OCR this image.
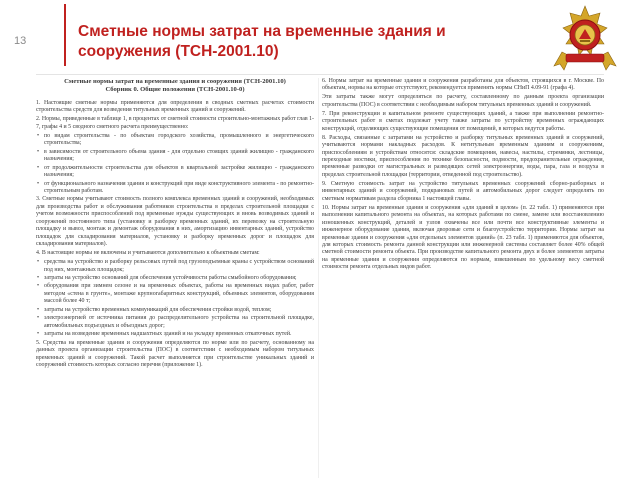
13
Сметные нормы затрат на временные здания и
сооружения (ТСН-2001.10)
Сметные нормы затрат на временные здания и сооружения (ТСН-2001.10)
Сборник 0. Общие положения (ТСН-2001.10-0)
1. Настоящие сметные нормы применяются для определения в сводных сметных расчетах стоимости строительства средств для возведения титульных временных зданий и сооружений.
2. Нормы, приведенные в таблице 1, в процентах от сметной стоимости строительно-монтажных работ глав 1-7, графы 4 и 5 сводного сметного расчета преимущественно:
• по видам строительства - по объектам городского хозяйства, промышленного и энергетического строительства;
• в зависимости от строительного объема здания - для отдельно стоящих зданий жилищно - гражданского назначения;
• от продолжительности строительства для объектов в квартальной застройке жилищно - гражданского назначения;
• от функционального назначения здания и конструкций при виде конструктивного элемента - по ремонтно-строительным работам.
3. Сметные нормы учитывают стоимость полного комплекса временных зданий и сооружений, необходимых для производства работ и обслуживания работников строительства в пределах строительной площадки с учетом возможности приспособлений под временные нужды существующих и вновь возводимых зданий и сооружений постоянного типа (установку и разборку временных зданий, их перевозку на строительную площадку и вывоз, монтаж и демонтаж оборудования в них, амортизацию инвентарных зданий, устройство площадок для складирования материалов, установку и разборку временных дорог и площадок для складирования материалов).
4. В настоящие нормы не включены и учитываются дополнительно к объектным сметам:
• средства на устройство и разборку рельсовых путей под грузоподъемные краны с устройством оснований под них, монтажных площадок;
• затраты на устройство оснований для обеспечения устойчивости работы смыбойного оборудования;
• оборудования при зимнем сезоне и на временных объектах, работы на временных видах работ, работ методом «стена в грунте», монтаже крупногабаритных конструкций, объемных элементов, оборудования массой более 40 т;
• затраты на устройство временных коммуникаций для обеспечения стройки водой, теплом;
• электроэнергией от источника питания до распределительного устройства на строительной площадке, автомобильных подъездных и объездных дорог;
• затраты на возведение временных надшахтных зданий и на укладку временных откаточных путей.
5. Средства на временные здания и сооружения определяются по норме или по расчету, основанному на данных проекта организации строительства (ПОС) в соответствии с необходимым набором титульных временных зданий и сооружений. Такой расчет выполняется при строительстве уникальных зданий и сооружений стоимость которых согласно перечня (приложение 1).
6. Нормы затрат на временные здания и сооружения разработаны для объектов, строящихся в г. Москве. По объектам, нормы на которые отсутствуют, рекомендуется применять нормы СНиП 4.09-91 (графа 4).
Эти затраты также могут определяться по расчету, составленному по данным проекта организации строительства (ПОС) в соответствии с необходимым набором титульных временных зданий и сооружений.
7. При реконструкции и капитальном ремонте существующих зданий, а также при выполнении ремонтно-строительных работ в сметах подлежат учету также затраты по устройству временных ограждающих конструкций, отделяющих существующие помещения от помещений, в которых ведутся работы.
8. Расходы, связанные с затратами на устройство и разборку титульных временных зданий и сооружений, учитываются нормами накладных расходов. К нетитульным временным зданиям и сооружениям, приспособлениям и устройствам относятся: складские помещения, навесы, настилы, стремянки, лестницы, переходные мостики, приспособления по технике безопасности, подмости, предохранительные ограждения, временные разводки от магистральных и разводящих сетей электроэнергии, воды, пара, газа и воздуха в пределах строительной площадки (территории, отведенной под строительство).
9. Сметную стоимость затрат на устройство титульных временных сооружений сборно-разборных и инвентарных зданий и сооружений, подкрановых путей и автомобильных дорог следует определять по сметным нормативам раздела сборника 1 настоящей главы.
10. Нормы затрат на временные здания и сооружения «для зданий в целом» (п. 22 табл. 1) применяются при выполнении капитального ремонта на объектах, на которых работами по смене, замене или восстановлению изношенных конструкций, деталей и узлов охвачены все или почти все конструктивные элементы и инженерное оборудование здания, включая дворовые сети и благоустройство территории. Нормы затрат на временные здания и сооружения «для отдельных элементов зданий» (п. 23 табл. 1) применяются для объектов, для которых стоимость ремонта данной конструкции или инженерной системы составляет более 40% общей сметной стоимости ремонта объекта. При производстве капитального ремонта двух и более элементов затраты на временные здания и сооружения определяются по нормам, взвешенным по удельному весу сметной стоимости ремонта отдельных видов работ.
